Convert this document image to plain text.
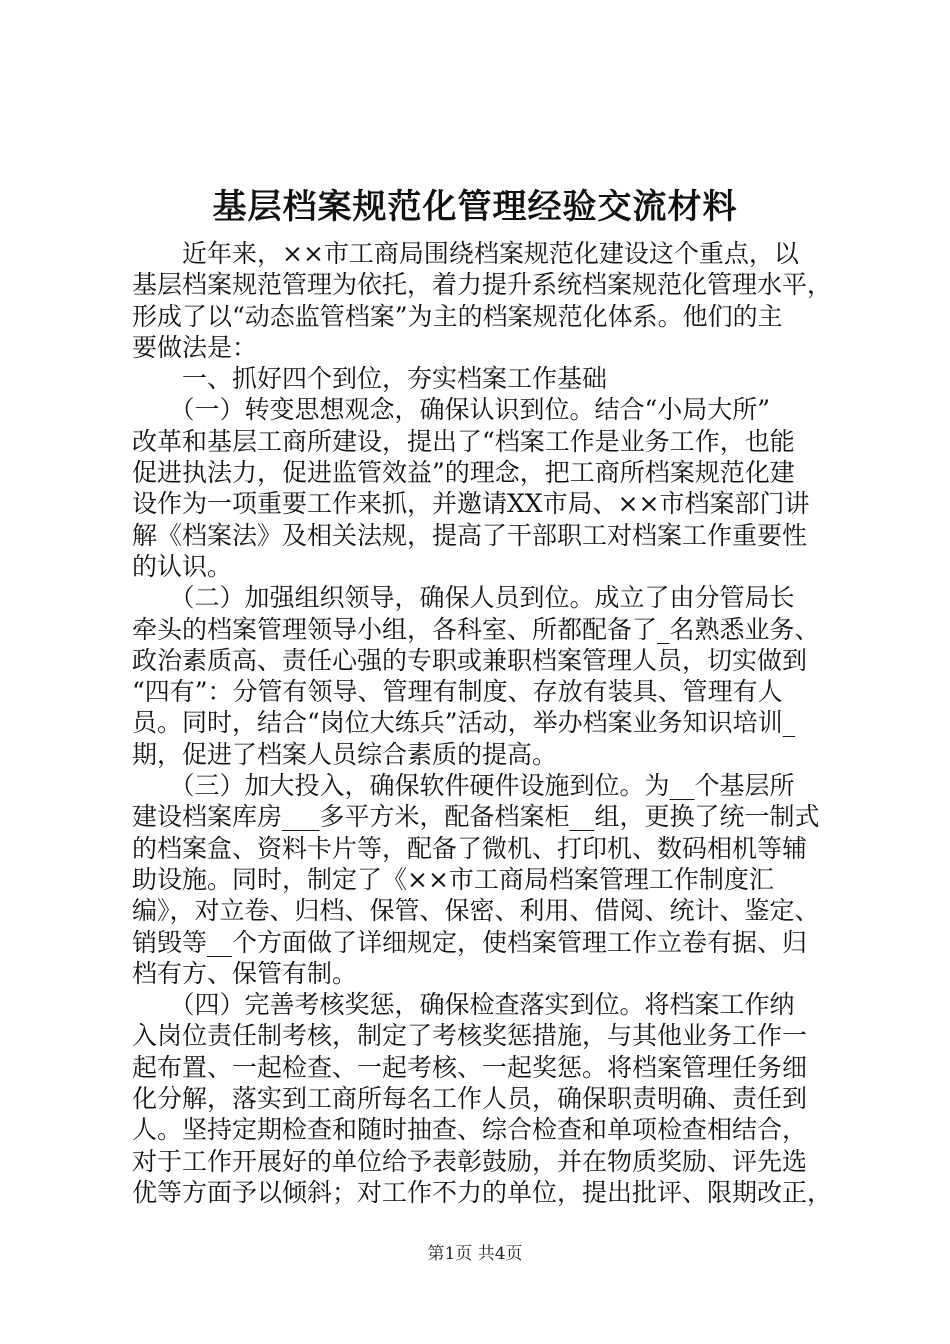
基层档案规范化管理经验交流材料
　　近年来，××市工商局围绕档案规范化建设这个重点，以
基层档案规范管理为依托，着力提升系统档案规范化管理水平，
形成了以“动态监管档案”为主的档案规范化体系。他们的主
要做法是：
　　一、抓好四个到位，夯实档案工作基础
　　（一）转变思想观念，确保认识到位。结合“小局大所”
改革和基层工商所建设，提出了“档案工作是业务工作，也能
促进执法力，促进监管效益”的理念，把工商所档案规范化建
设作为一项重要工作来抓，并邀请XX市局、××市档案部门讲
解《档案法》及相关法规，提高了干部职工对档案工作重要性
的认识。
　　（二）加强组织领导，确保人员到位。成立了由分管局长
牵头的档案管理领导小组，各科室、所都配备了_名熟悉业务、
政治素质高、责任心强的专职或兼职档案管理人员，切实做到
“四有”：分管有领导、管理有制度、存放有装具、管理有人
员。同时，结合“岗位大练兵”活动，举办档案业务知识培训_
期，促进了档案人员综合素质的提高。
　　（三）加大投入，确保软件硬件设施到位。为__个基层所
建设档案库房___多平方米，配备档案柜__组，更换了统一制式
的档案盒、资料卡片等，配备了微机、打印机、数码相机等辅
助设施。同时，制定了《××市工商局档案管理工作制度汇
编》，对立卷、归档、保管、保密、利用、借阅、统计、鉴定、
销毁等__个方面做了详细规定，使档案管理工作立卷有据、归
档有方、保管有制。
　　（四）完善考核奖惩，确保检查落实到位。将档案工作纳
入岗位责任制考核，制定了考核奖惩措施，与其他业务工作一
起布置、一起检查、一起考核、一起奖惩。将档案管理任务细
化分解，落实到工商所每名工作人员，确保职责明确、责任到
人。坚持定期检查和随时抽查、综合检查和单项检查相结合，
对于工作开展好的单位给予表彰鼓励，并在物质奖励、评先选
优等方面予以倾斜；对工作不力的单位，提出批评、限期改正，
第1页 共4页
